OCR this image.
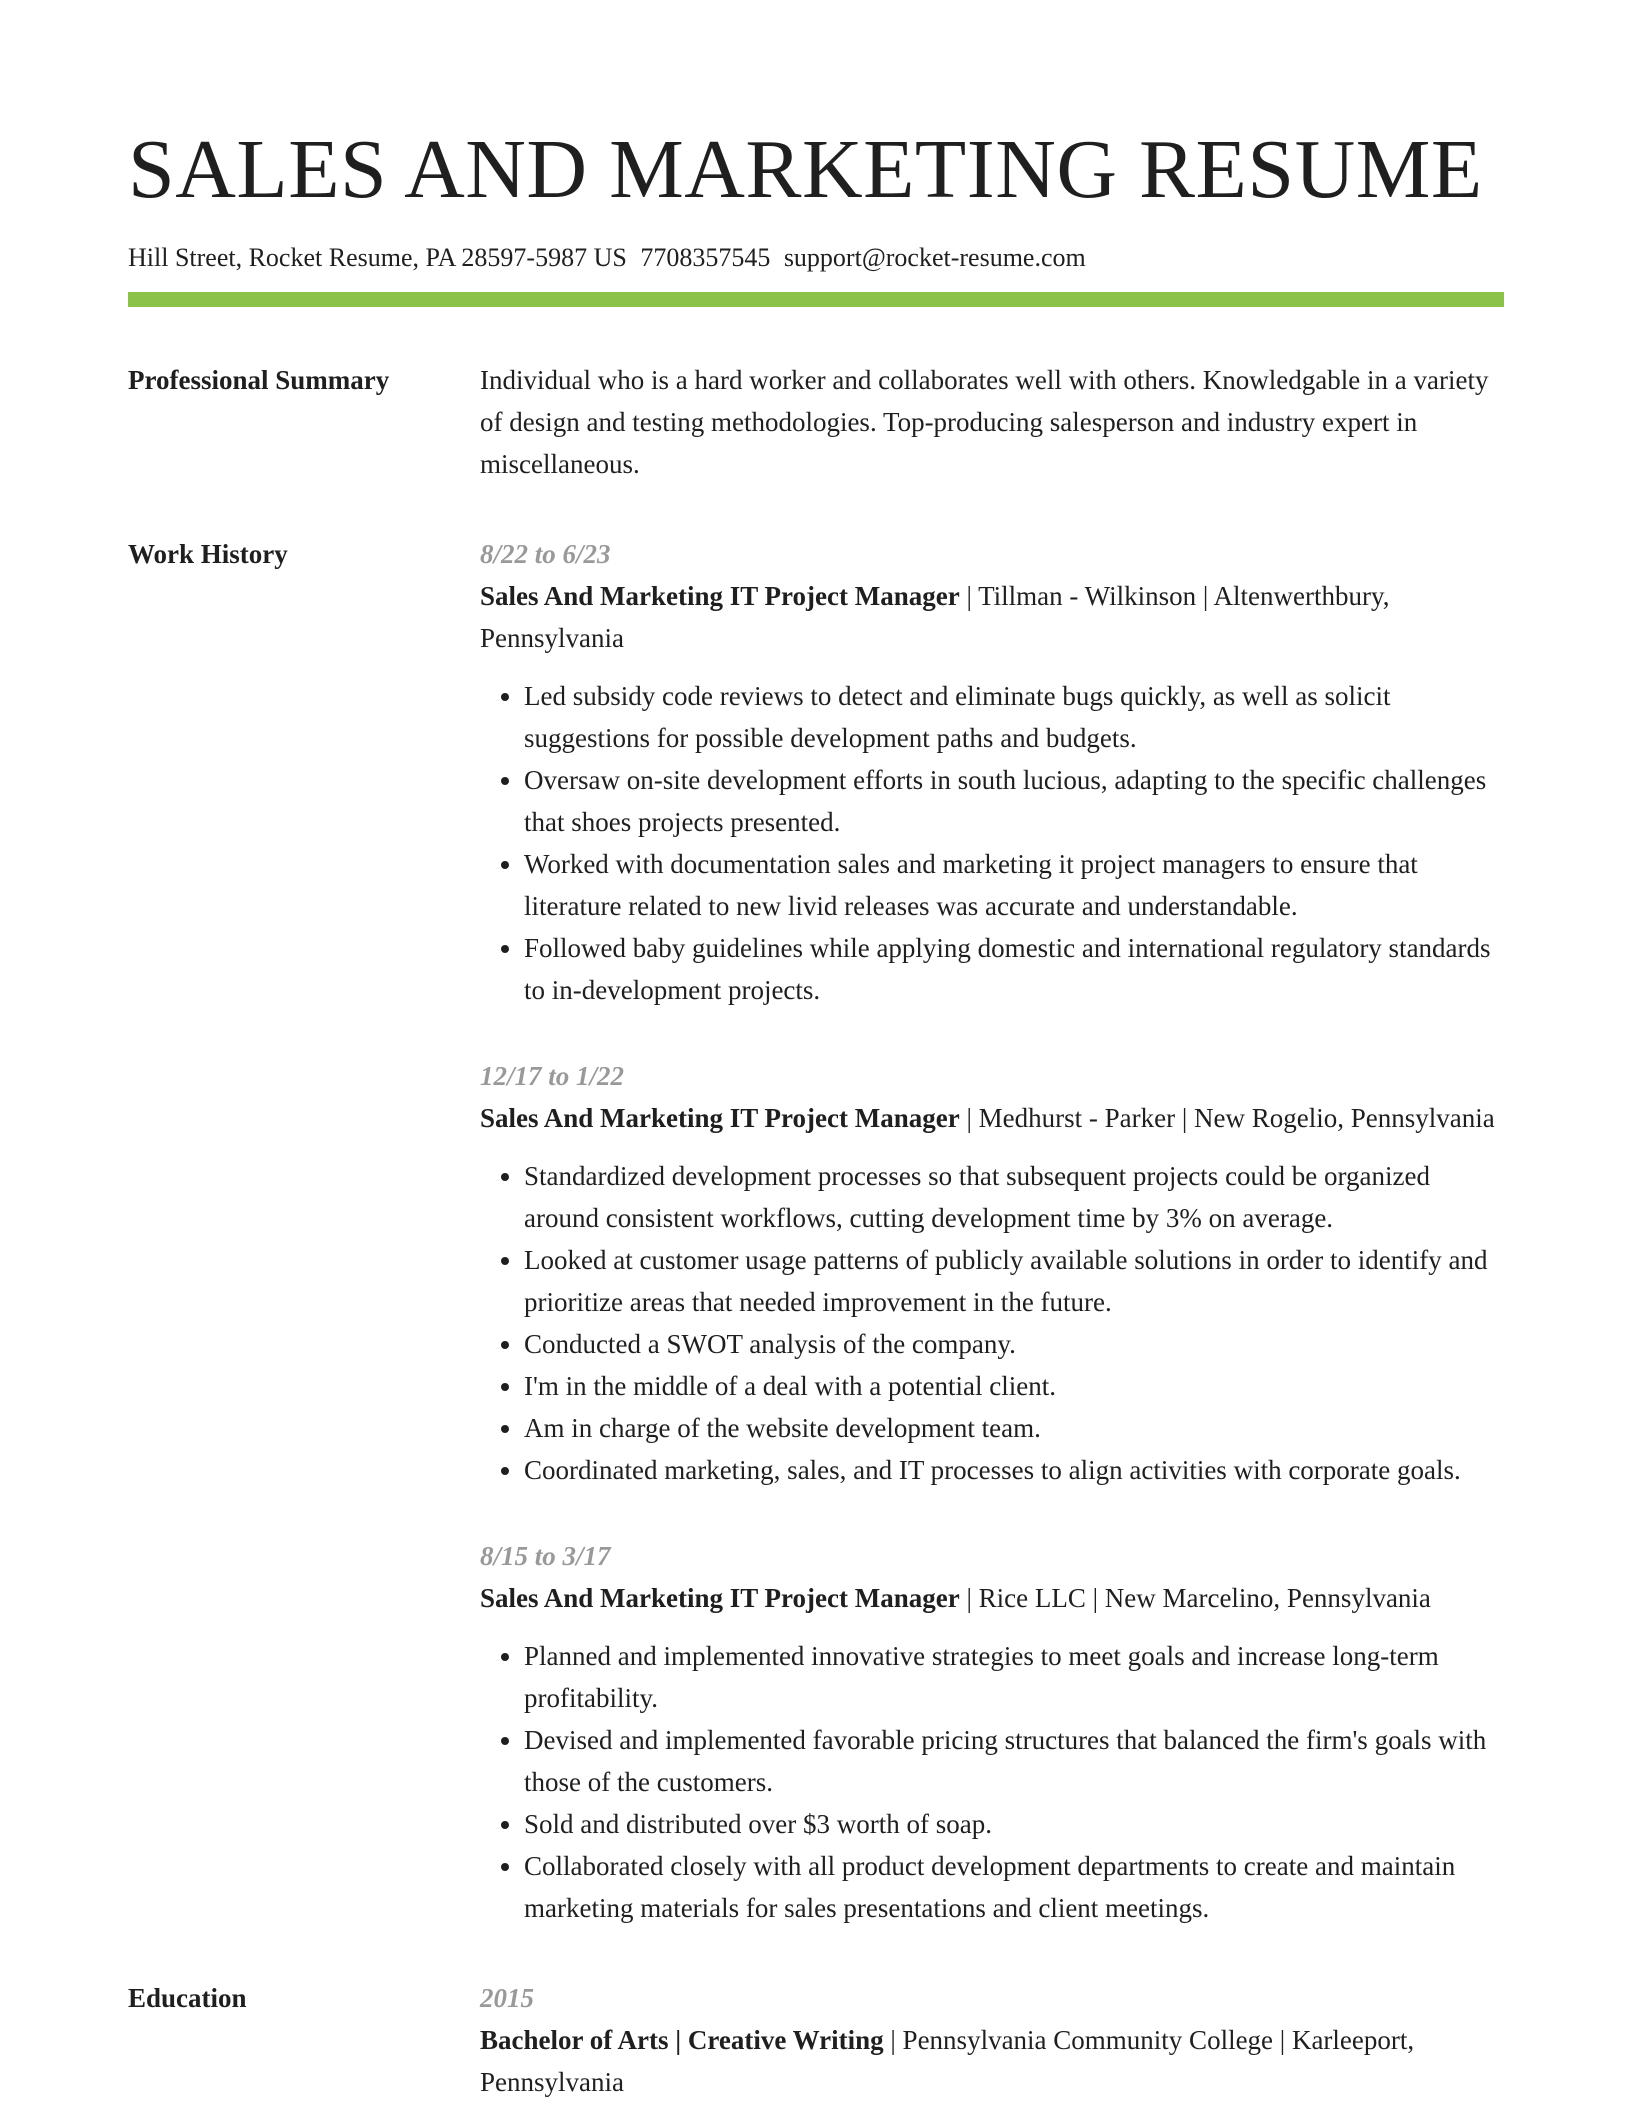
SALES AND MARKETING RESUME
Hill Street, Rocket Resume, PA 28597-5987 US 7708357545 support@rocket-resume.com
Professional Summary	Individual who is a hard worker and collaborates well with others. Knowledgable in a variety of design and testing methodologies. Top-producing salesperson and industry expert in miscellaneous.

Work History	8/22 to 6/23
Sales And Marketing IT Project Manager | Tillman - Wilkinson | Altenwerthbury, Pennsylvania
• Led subsidy code reviews to detect and eliminate bugs quickly, as well as solicit suggestions for possible development paths and budgets.
• Oversaw on-site development efforts in south lucious, adapting to the specific challenges that shoes projects presented.
• Worked with documentation sales and marketing it project managers to ensure that literature related to new livid releases was accurate and understandable.
• Followed baby guidelines while applying domestic and international regulatory standards to in-development projects.
12/17 to 1/22
Sales And Marketing IT Project Manager | Medhurst - Parker | New Rogelio, Pennsylvania
• Standardized development processes so that subsequent projects could be organized around consistent workflows, cutting development time by 3% on average.
• Looked at customer usage patterns of publicly available solutions in order to identify and prioritize areas that needed improvement in the future.
• Conducted a SWOT analysis of the company.
• I'm in the middle of a deal with a potential client.
• Am in charge of the website development team.
• Coordinated marketing, sales, and IT processes to align activities with corporate goals.
8/15 to 3/17
Sales And Marketing IT Project Manager | Rice LLC | New Marcelino, Pennsylvania
• Planned and implemented innovative strategies to meet goals and increase long-term profitability.
• Devised and implemented favorable pricing structures that balanced the firm's goals with those of the customers.
• Sold and distributed over $3 worth of soap.
• Collaborated closely with all product development departments to create and maintain marketing materials for sales presentations and client meetings.
Education	2015
Bachelor of Arts | Creative Writing | Pennsylvania Community College | Karleeport, Pennsylvania
